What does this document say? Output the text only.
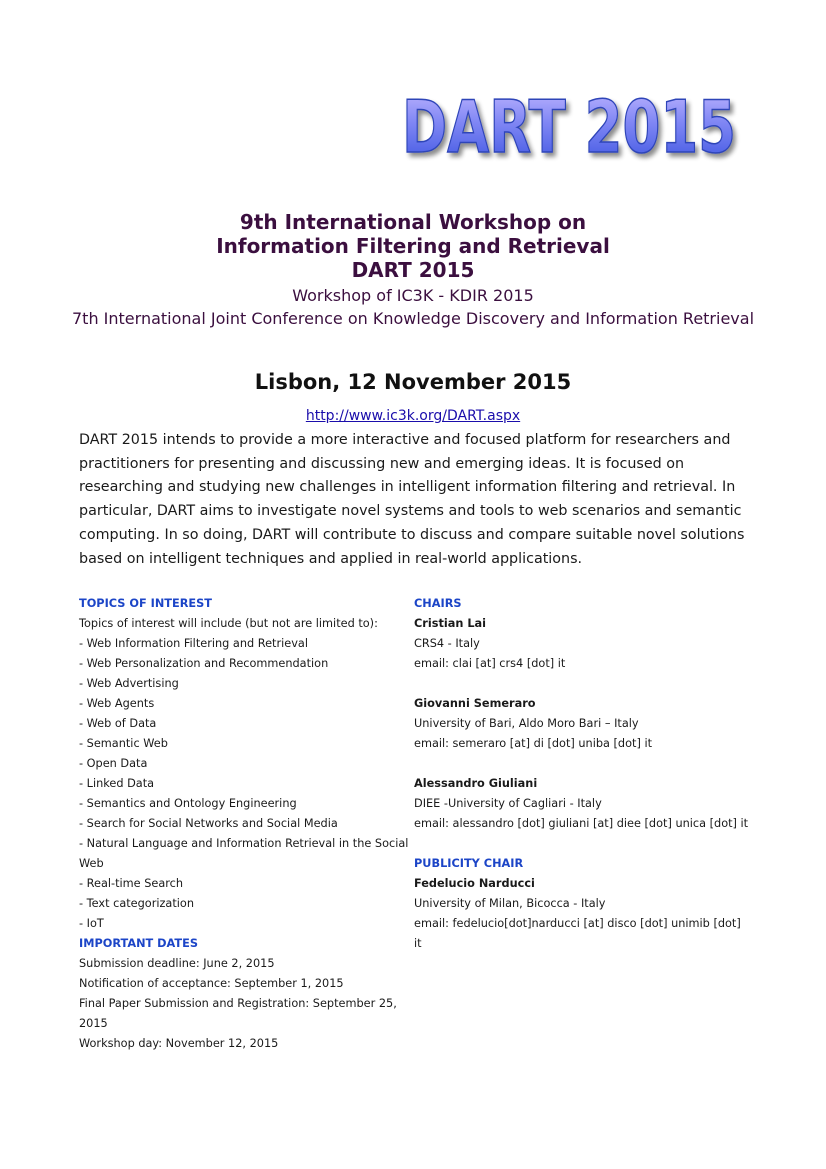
DART 2015
9th International Workshop on
Information Filtering and Retrieval
DART 2015
Workshop of IC3K - KDIR 2015
7th International Joint Conference on Knowledge Discovery and Information Retrieval
Lisbon, 12 November 2015
http://www.ic3k.org/DART.aspx

DART 2015 intends to provide a more interactive and focused platform for researchers and practitioners for presenting and discussing new and emerging ideas. It is focused on researching and studying new challenges in intelligent information filtering and retrieval. In particular, DART aims to investigate novel systems and tools to web scenarios and semantic computing. In so doing, DART will contribute to discuss and compare suitable novel solutions based on intelligent techniques and applied in real-world applications.

TOPICS OF INTEREST
Topics of interest will include (but not are limited to):
- Web Information Filtering and Retrieval
- Web Personalization and Recommendation
- Web Advertising
- Web Agents
- Web of Data
- Semantic Web
- Open Data
- Linked Data
- Semantics and Ontology Engineering
- Search for Social Networks and Social Media
- Natural Language and Information Retrieval in the Social Web
- Real-time Search
- Text categorization
- IoT
IMPORTANT DATES
Submission deadline: June 2, 2015
Notification of acceptance: September 1, 2015
Final Paper Submission and Registration: September 25, 2015
Workshop day: November 12, 2015
CHAIRS
Cristian Lai
CRS4 - Italy
email: clai [at] crs4 [dot] it
Giovanni Semeraro
University of Bari, Aldo Moro Bari – Italy
email: semeraro [at] di [dot] uniba [dot] it
Alessandro Giuliani
DIEE -University of Cagliari - Italy
email: alessandro [dot] giuliani [at] diee [dot] unica [dot] it
PUBLICITY CHAIR
Fedelucio Narducci
University of Milan, Bicocca - Italy
email: fedelucio[dot]narducci [at] disco [dot] unimib [dot] it
